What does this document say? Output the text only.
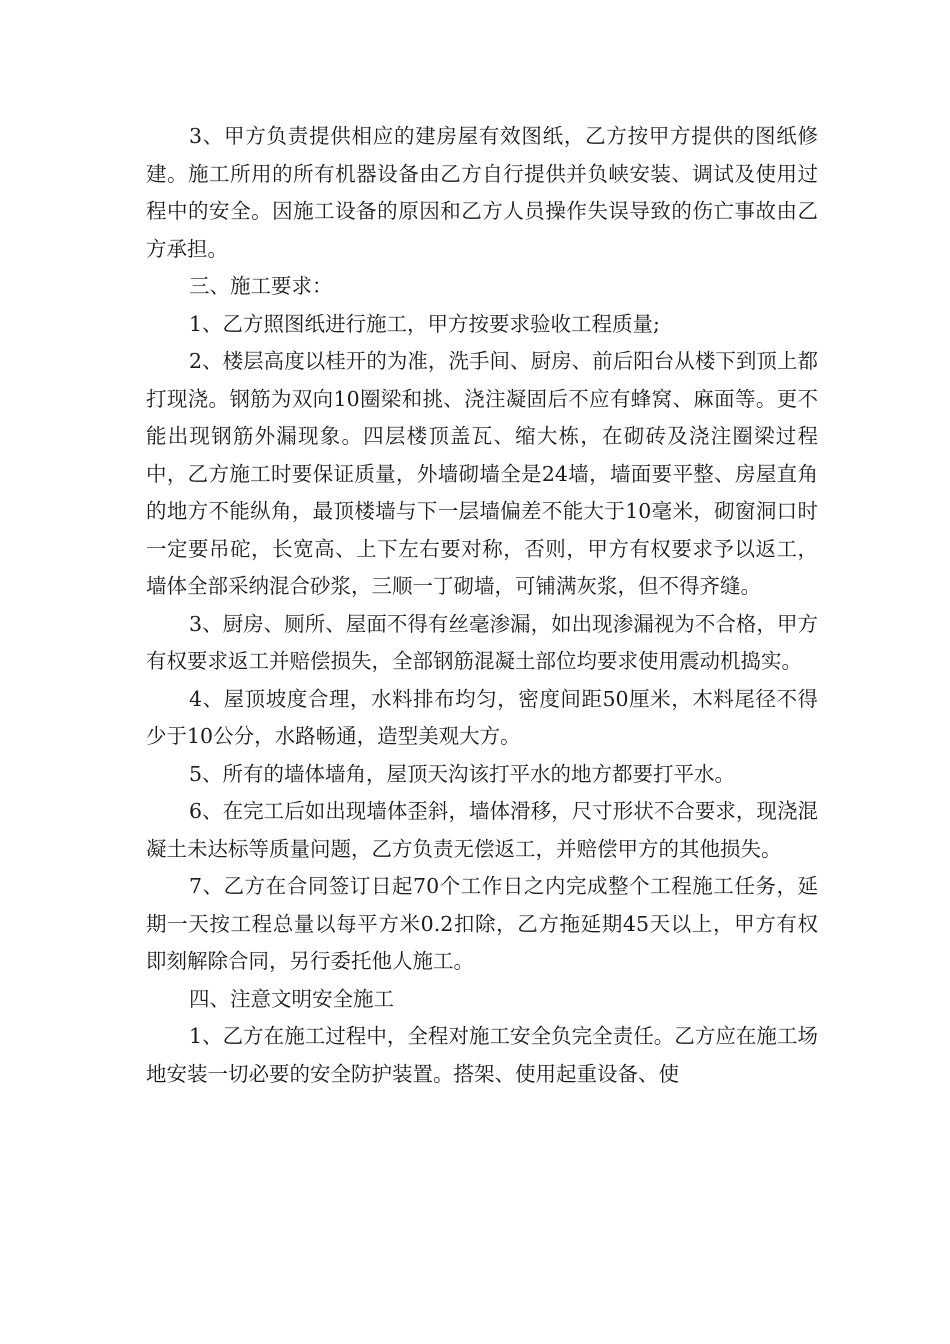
3、甲方负责提供相应的建房屋有效图纸，乙方按甲方提供的图纸修建。施工所用的所有机器设备由乙方自行提供并负峡安装、调试及使用过程中的安全。因施工设备的原因和乙方人员操作失误导致的伤亡事故由乙方承担。

三、施工要求：

1、乙方照图纸进行施工，甲方按要求验收工程质量;

2、楼层高度以桂开的为准，洗手间、厨房、前后阳台从楼下到顶上都打现浇。钢筋为双向10圈梁和挑、浇注凝固后不应有蜂窝、麻面等。更不能出现钢筋外漏现象。四层楼顶盖瓦、缩大栋，在砌砖及浇注圈梁过程中，乙方施工时要保证质量，外墙砌墙全是24墙，墙面要平整、房屋直角的地方不能纵角，最顶楼墙与下一层墙偏差不能大于10毫米，砌窗洞口时一定要吊砣，长宽高、上下左右要对称，否则，甲方有权要求予以返工，墙体全部采纳混合砂浆，三顺一丁砌墙，可铺满灰浆，但不得齐缝。

3、厨房、厕所、屋面不得有丝毫渗漏，如出现渗漏视为不合格，甲方有权要求返工并赔偿损失，全部钢筋混凝土部位均要求使用震动机捣实。

4、屋顶坡度合理，水料排布均匀，密度间距50厘米，木料尾径不得少于10公分，水路畅通，造型美观大方。

5、所有的墙体墙角，屋顶天沟该打平水的地方都要打平水。

6、在完工后如出现墙体歪斜，墙体滑移，尺寸形状不合要求，现浇混凝土未达标等质量问题，乙方负责无偿返工，并赔偿甲方的其他损失。

7、乙方在合同签订日起70个工作日之内完成整个工程施工任务，延期一天按工程总量以每平方米0.2扣除，乙方拖延期45天以上，甲方有权即刻解除合同，另行委托他人施工。

四、注意文明安全施工

1、乙方在施工过程中，全程对施工安全负完全责任。乙方应在施工场地安装一切必要的安全防护装置。搭架、使用起重设备、使
